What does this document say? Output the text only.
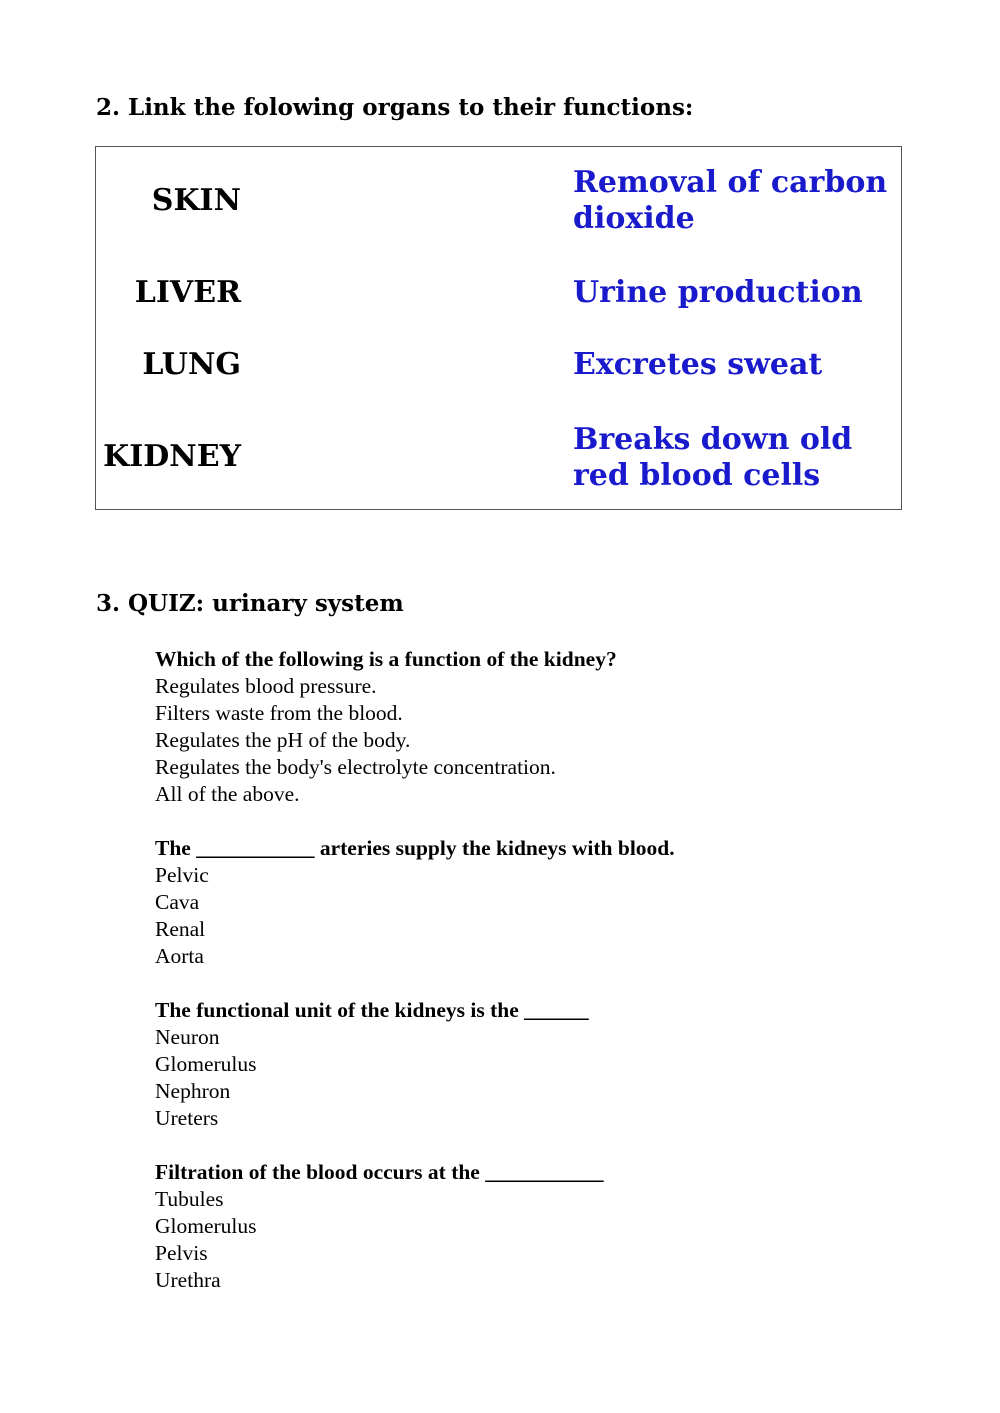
2. Link the folowing organs to their functions:

SKIN

LIVER

LUNG

KIDNEY

Removal of carbon dioxide

Urine production

Excretes sweat

Breaks down old red blood cells

3. QUIZ: urinary system
Which of the following is a function of the kidney?
Regulates blood pressure.
Filters waste from the blood.
Regulates the pH of the body.
Regulates the body's electrolyte concentration.
All of the above.
The ___________ arteries supply the kidneys with blood.
Pelvic
Cava
Renal
Aorta
The functional unit of the kidneys is the ______
Neuron
Glomerulus
Nephron
Ureters
Filtration of the blood occurs at the ___________
Tubules
Glomerulus
Pelvis
Urethra
